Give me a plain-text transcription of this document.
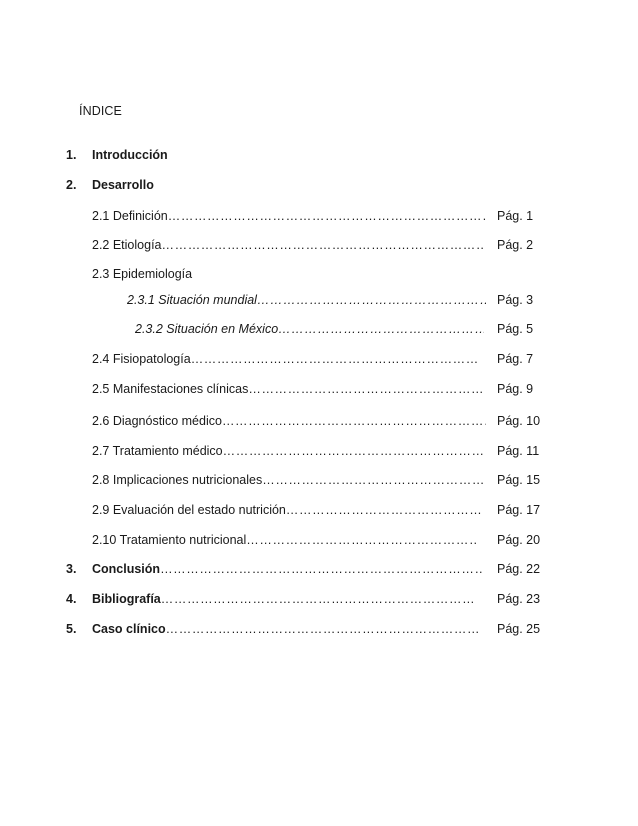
ÍNDICE
1. Introducción
2. Desarrollo
2.1 Definición ……………………………………………………………………………………………………………………………………………………………………	Pág. 1
2.2 Etiología ……………………………………………………………………………………………………………………………………………………………………	Pág. 2
2.3 Epidemiología
2.3.1 Situación mundial ……………………………………………………………………………………………………………………………………………………………………	Pág. 3
2.3.2 Situación en México ……………………………………………………………………………………………………………………………………………………………………	Pág. 5
2.4 Fisiopatología ……………………………………………………………………………………………………………………………………………………………………	Pág. 7
2.5 Manifestaciones clínicas ……………………………………………………………………………………………………………………………………………………………………	Pág. 9
2.6 Diagnóstico médico ……………………………………………………………………………………………………………………………………………………………………	Pág. 10
2.7 Tratamiento médico ……………………………………………………………………………………………………………………………………………………………………	Pág. 11
2.8 Implicaciones nutricionales ……………………………………………………………………………………………………………………………………………………………………	Pág. 15
2.9 Evaluación del estado nutrición ……………………………………………………………………………………………………………………………………………………………………	Pág. 17
2.10 Tratamiento nutricional ……………………………………………………………………………………………………………………………………………………………………	Pág. 20
3. Conclusión ……………………………………………………………………………………………………………………………………………………………………	Pág. 22
4. Bibliografía ……………………………………………………………………………………………………………………………………………………………………	Pág. 23
5. Caso clínico ……………………………………………………………………………………………………………………………………………………………………	Pág. 25
